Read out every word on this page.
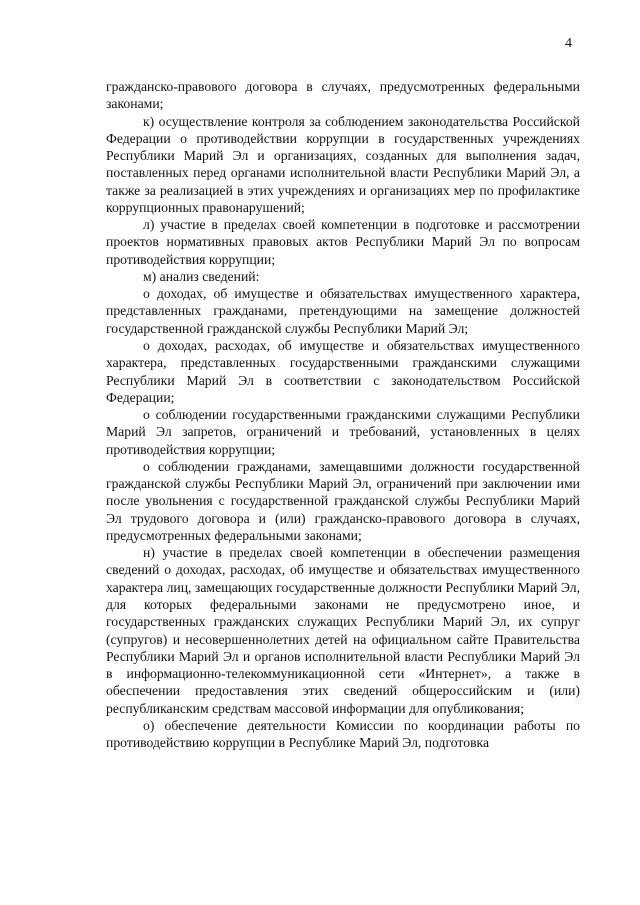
4

гражданско-правового договора в случаях, предусмотренных федеральными законами;

к) осуществление контроля за соблюдением законодательства Российской Федерации о противодействии коррупции в государственных учреждениях Республики Марий Эл и организациях, созданных для выполнения задач, поставленных перед органами исполнительной власти Республики Марий Эл, а также за реализацией в этих учреждениях и организациях мер по профилактике коррупционных правонарушений;

л) участие в пределах своей компетенции в подготовке и рассмотрении проектов нормативных правовых актов Республики Марий Эл по вопросам противодействия коррупции;

м) анализ сведений:

о доходах, об имуществе и обязательствах имущественного характера, представленных гражданами, претендующими на замещение должностей государственной гражданской службы Республики Марий Эл;

о доходах, расходах, об имуществе и обязательствах имущественного характера, представленных государственными гражданскими служащими Республики Марий Эл в соответствии с законодательством Российской Федерации;

о соблюдении государственными гражданскими служащими Республики Марий Эл запретов, ограничений и требований, установленных в целях противодействия коррупции;

о соблюдении гражданами, замещавшими должности государственной гражданской службы Республики Марий Эл, ограничений при заключении ими после увольнения с государственной гражданской службы Республики Марий Эл трудового договора и (или) гражданско-правового договора в случаях, предусмотренных федеральными законами;

н) участие в пределах своей компетенции в обеспечении размещения сведений о доходах, расходах, об имуществе и обязательствах имущественного характера лиц, замещающих государственные должности Республики Марий Эл, для которых федеральными законами не предусмотрено иное, и государственных гражданских служащих Республики Марий Эл, их супруг (супругов) и несовершеннолетних детей на официальном сайте Правительства Республики Марий Эл и органов исполнительной власти Республики Марий Эл в информационно-телекоммуникационной сети «Интернет», а также в обеспечении предоставления этих сведений общероссийским и (или) республиканским средствам массовой информации для опубликования;

о) обеспечение деятельности Комиссии по координации работы по противодействию коррупции в Республике Марий Эл, подготовка
